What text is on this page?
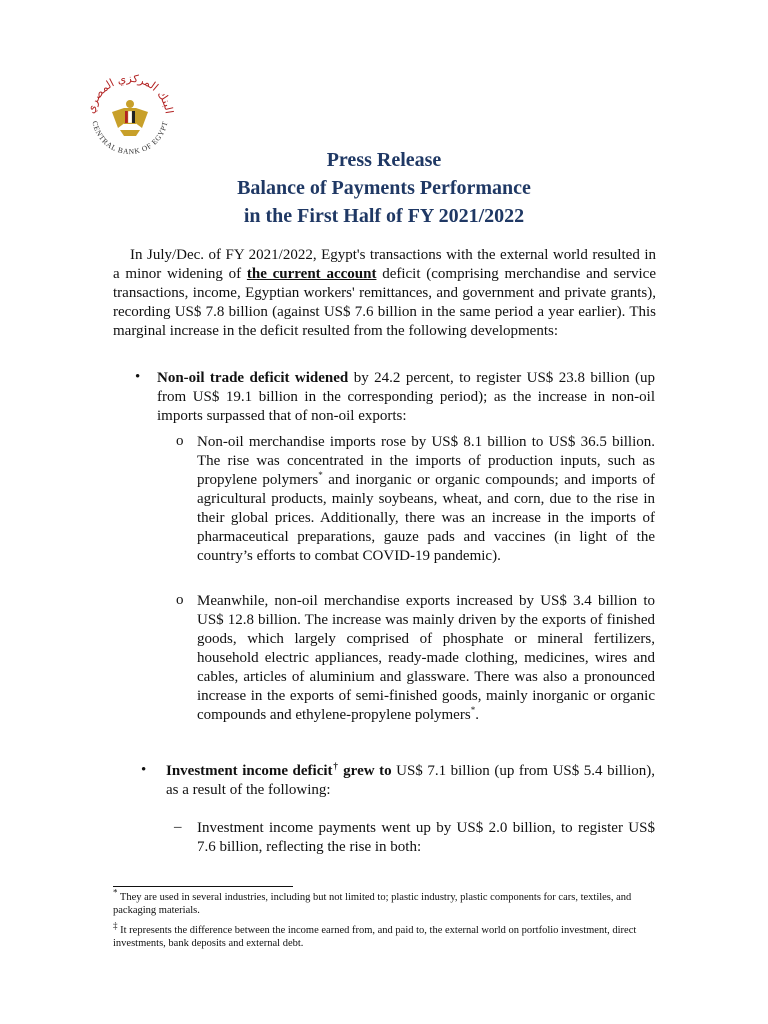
البنك المركزي المصري
CENTRAL BANK OF EGYPT
Press Release
Balance of Payments Performance
in the First Half of FY 2021/2022
In July/Dec. of FY 2021/2022, Egypt's transactions with the external world resulted in a minor widening of the current account deficit (comprising merchandise and service transactions, income, Egyptian workers' remittances, and government and private grants), recording US$ 7.8 billion (against US$ 7.6 billion in the same period a year earlier). This marginal increase in the deficit resulted from the following developments:
• Non-oil trade deficit widened by 24.2 percent, to register US$ 23.8 billion (up from US$ 19.1 billion in the corresponding period); as the increase in non-oil imports surpassed that of non-oil exports:
o Non-oil merchandise imports rose by US$ 8.1 billion to US$ 36.5 billion. The rise was concentrated in the imports of production inputs, such as propylene polymers* and inorganic or organic compounds; and imports of agricultural products, mainly soybeans, wheat, and corn, due to the rise in their global prices. Additionally, there was an increase in the imports of pharmaceutical preparations, gauze pads and vaccines (in light of the country’s efforts to combat COVID-19 pandemic).
o Meanwhile, non-oil merchandise exports increased by US$ 3.4 billion to US$ 12.8 billion. The increase was mainly driven by the exports of finished goods, which largely comprised of phosphate or mineral fertilizers, household electric appliances, ready-made clothing, medicines, wires and cables, articles of aluminium and glassware. There was also a pronounced increase in the exports of semi-finished goods, mainly inorganic or organic compounds and ethylene-propylene polymers*.
• Investment income deficit† grew to US$ 7.1 billion (up from US$ 5.4 billion), as a result of the following:
– Investment income payments went up by US$ 2.0 billion, to register US$ 7.6 billion, reflecting the rise in both:
* They are used in several industries, including but not limited to; plastic industry, plastic components for cars, textiles, and packaging materials.
‡ It represents the difference between the income earned from, and paid to, the external world on portfolio investment, direct investments, bank deposits and external debt.
